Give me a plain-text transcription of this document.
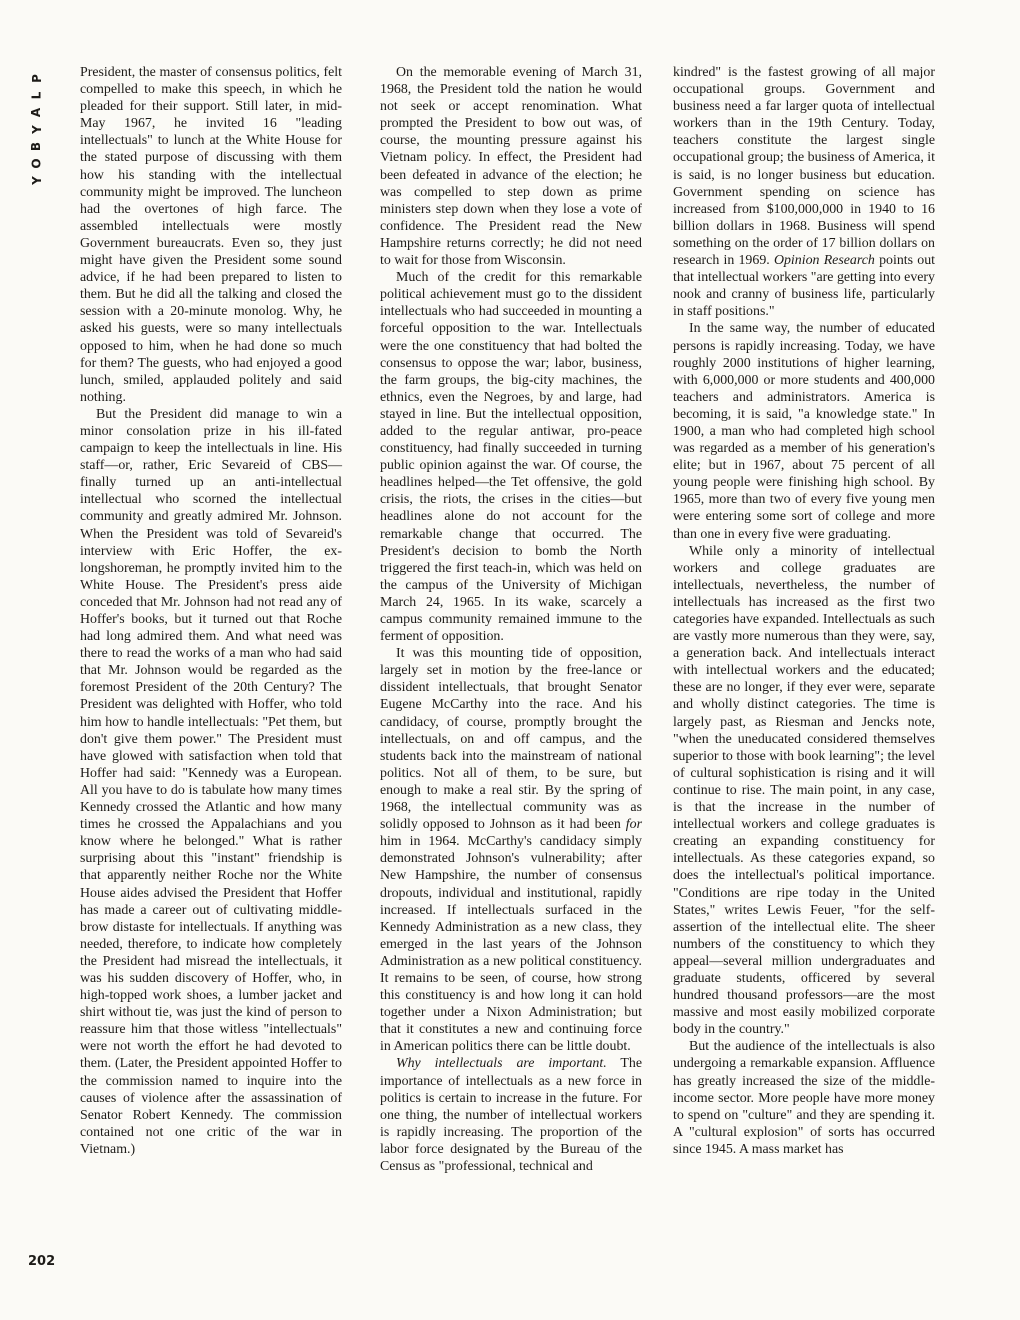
P
L
A
Y
B
O
Y
202

President, the master of consensus politics, felt compelled to make this speech, in which he pleaded for their support. Still later, in mid-May 1967, he invited 16 "leading intellectuals" to lunch at the White House for the stated purpose of discussing with them how his standing with the intellectual community might be improved. The luncheon had the overtones of high farce. The assembled intellectuals were mostly Government bureaucrats. Even so, they just might have given the President some sound advice, if he had been prepared to listen to them. But he did all the talking and closed the session with a 20-minute monolog. Why, he asked his guests, were so many intellectuals opposed to him, when he had done so much for them? The guests, who had enjoyed a good lunch, smiled, applauded politely and said nothing.

But the President did manage to win a minor consolation prize in his ill-fated campaign to keep the intellectuals in line. His staff—or, rather, Eric Sevareid of CBS—finally turned up an anti-intellectual intellectual who scorned the intellectual community and greatly admired Mr. Johnson. When the President was told of Sevareid's interview with Eric Hoffer, the ex-longshoreman, he promptly invited him to the White House. The President's press aide conceded that Mr. Johnson had not read any of Hoffer's books, but it turned out that Roche had long admired them. And what need was there to read the works of a man who had said that Mr. Johnson would be regarded as the foremost President of the 20th Century? The President was delighted with Hoffer, who told him how to handle intellectuals: "Pet them, but don't give them power." The President must have glowed with satisfaction when told that Hoffer had said: "Kennedy was a European. All you have to do is tabulate how many times Kennedy crossed the Atlantic and how many times he crossed the Appalachians and you know where he belonged." What is rather surprising about this "instant" friendship is that apparently neither Roche nor the White House aides advised the President that Hoffer has made a career out of cultivating middle-brow distaste for intellectuals. If anything was needed, therefore, to indicate how completely the President had misread the intellectuals, it was his sudden discovery of Hoffer, who, in high-topped work shoes, a lumber jacket and shirt without tie, was just the kind of person to reassure him that those witless "intellectuals" were not worth the effort he had devoted to them. (Later, the President appointed Hoffer to the commission named to inquire into the causes of violence after the assassination of Senator Robert Kennedy. The commission contained not one critic of the war in Vietnam.)

On the memorable evening of March 31, 1968, the President told the nation he would not seek or accept renomination. What prompted the President to bow out was, of course, the mounting pressure against his Vietnam policy. In effect, the President had been defeated in advance of the election; he was compelled to step down as prime ministers step down when they lose a vote of confidence. The President read the New Hampshire returns correctly; he did not need to wait for those from Wisconsin.

Much of the credit for this remarkable political achievement must go to the dissident intellectuals who had succeeded in mounting a forceful opposition to the war. Intellectuals were the one constituency that had bolted the consensus to oppose the war; labor, business, the farm groups, the big-city machines, the ethnics, even the Negroes, by and large, had stayed in line. But the intellectual opposition, added to the regular antiwar, pro-peace constituency, had finally succeeded in turning public opinion against the war. Of course, the headlines helped—the Tet offensive, the gold crisis, the riots, the crises in the cities—but headlines alone do not account for the remarkable change that occurred. The President's decision to bomb the North triggered the first teach-in, which was held on the campus of the University of Michigan March 24, 1965. In its wake, scarcely a campus community remained immune to the ferment of opposition.

It was this mounting tide of opposition, largely set in motion by the free-lance or dissident intellectuals, that brought Senator Eugene McCarthy into the race. And his candidacy, of course, promptly brought the intellectuals, on and off campus, and the students back into the mainstream of national politics. Not all of them, to be sure, but enough to make a real stir. By the spring of 1968, the intellectual community was as solidly opposed to Johnson as it had been for him in 1964. McCarthy's candidacy simply demonstrated Johnson's vulnerability; after New Hampshire, the number of consensus dropouts, individual and institutional, rapidly increased. If intellectuals surfaced in the Kennedy Administration as a new class, they emerged in the last years of the Johnson Administration as a new political constituency. It remains to be seen, of course, how strong this constituency is and how long it can hold together under a Nixon Administration; but that it constitutes a new and continuing force in American politics there can be little doubt.

Why intellectuals are important. The importance of intellectuals as a new force in politics is certain to increase in the future. For one thing, the number of intellectual workers is rapidly increasing. The proportion of the labor force designated by the Bureau of the Census as "professional, technical and

kindred" is the fastest growing of all major occupational groups. Government and business need a far larger quota of intellectual workers than in the 19th Century. Today, teachers constitute the largest single occupational group; the business of America, it is said, is no longer business but education. Government spending on science has increased from $100,000,000 in 1940 to 16 billion dollars in 1968. Business will spend something on the order of 17 billion dollars on research in 1969. Opinion Research points out that intellectual workers "are getting into every nook and cranny of business life, particularly in staff positions."

In the same way, the number of educated persons is rapidly increasing. Today, we have roughly 2000 institutions of higher learning, with 6,000,000 or more students and 400,000 teachers and administrators. America is becoming, it is said, "a knowledge state." In 1900, a man who had completed high school was regarded as a member of his generation's elite; but in 1967, about 75 percent of all young people were finishing high school. By 1965, more than two of every five young men were entering some sort of college and more than one in every five were graduating.

While only a minority of intellectual workers and college graduates are intellectuals, nevertheless, the number of intellectuals has increased as the first two categories have expanded. Intellectuals as such are vastly more numerous than they were, say, a generation back. And intellectuals interact with intellectual workers and the educated; these are no longer, if they ever were, separate and wholly distinct categories. The time is largely past, as Riesman and Jencks note, "when the uneducated considered themselves superior to those with book learning"; the level of cultural sophistication is rising and it will continue to rise. The main point, in any case, is that the increase in the number of intellectual workers and college graduates is creating an expanding constituency for intellectuals. As these categories expand, so does the intellectual's political importance. "Conditions are ripe today in the United States," writes Lewis Feuer, "for the self-assertion of the intellectual elite. The sheer numbers of the constituency to which they appeal—several million undergraduates and graduate students, officered by several hundred thousand professors—are the most massive and most easily mobilized corporate body in the country."

But the audience of the intellectuals is also undergoing a remarkable expansion. Affluence has greatly increased the size of the middle-income sector. More people have more money to spend on "culture" and they are spending it. A "cultural explosion" of sorts has occurred since 1945. A mass market has
